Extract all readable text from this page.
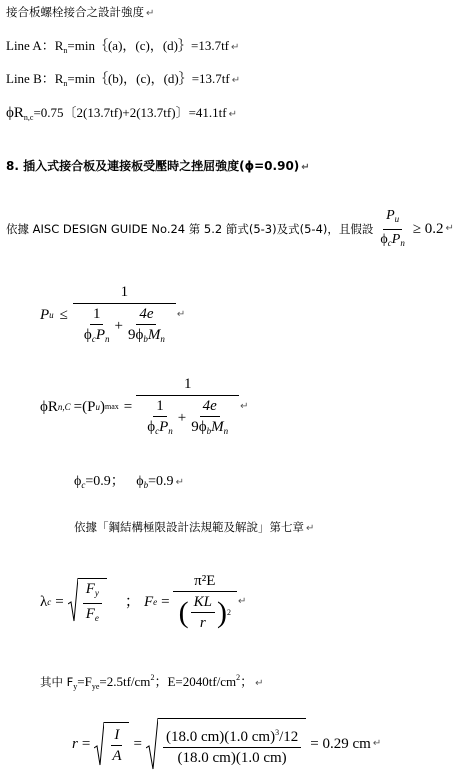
接合板螺栓接合之設計強度 ↵
Line A：$R_n=\min\{(a)$，(c)，(d)｝=13.7tf ↵
Line B：$R_n=\min\{(b)$，(c)，(d)｝=13.7tf ↵
$\phi R_{n,c}=0.75$〔2(13.7tf)+2(13.7tf)〕=41.1tf ↵
8. 插入式接合板及連接板受壓時之挫屈強度(ϕ=0.90) ↵
依據 AISC DESIGN GUIDE No.24 第 5.2 節式(5-3)及式(5-4)，且假設 $\frac{P_u}{\phi_cP_n} \ge 0.2$ ↵
P u ≤
1
$\frac{1}{\phi_cP_n} + \frac{4e}{9\phi_bM_n}$ ↵
ϕR n,C =(P u ) max =
1
$\frac{1}{\phi_cP_n} + \frac{4e}{9\phi_bM_n}$ ↵
$\phi_c=0.9$； $\phi_b=0.9$ ↵
依據「鋼結構極限設計法規範及解說」第七章 ↵
λ $c = \frac{F_y}{F_e}$ ； F $e = \frac{\text{π²E}}{( \frac{KL}{r} ) 2}$ ↵
其中 $F_y=F_{ye}=2.5tf/cm^2$；$E=2040tf/cm^2$； ↵
$r = \frac{I}{A} = \frac{(18.0 cm)(1.0 cm)^3/12}{(18.0 cm)(1.0 cm)} = 0.29$ cm ↵
